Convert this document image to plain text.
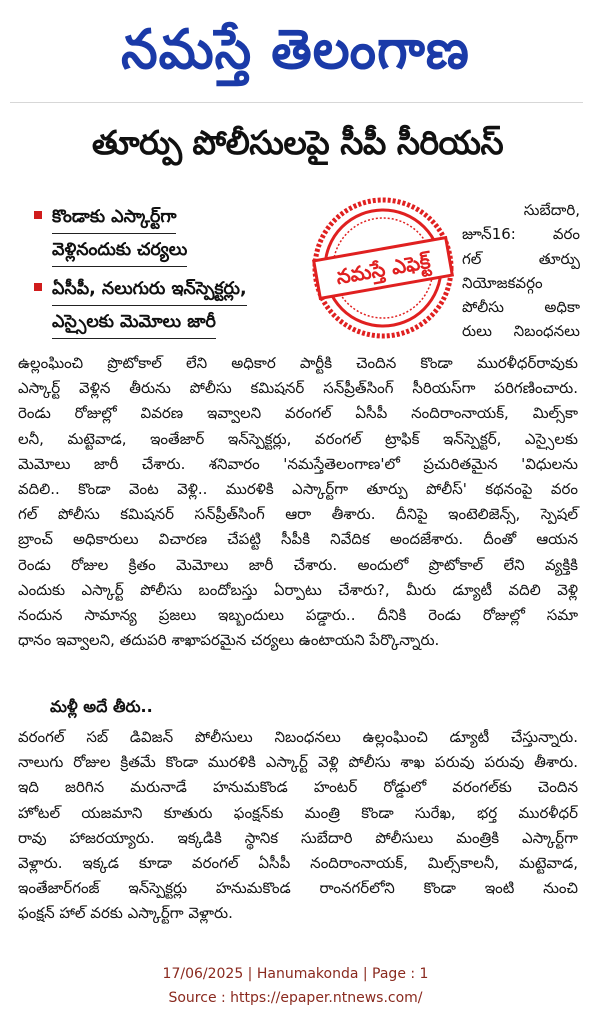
నమస్తే తెలంగాణ
తూర్పు పోలీసులపై సీపీ సీరియస్
కొండాకు ఎస్కార్ట్‌గా
వెళ్లినందుకు చర్యలు
ఏసీపీ, నలుగురు ఇన్‌స్పెక్టర్లు,
ఎస్సైలకు మెమోలు జారీ
నమస్తే ఎఫెక్ట్
సుబేదారి,
జూన్16: వరం
గల్ తూర్పు
నియోజకవర్గం
పోలీసు అధికా
రులు నిబంధనలు
ఉల్లంఘించి ప్రొటోకాల్ లేని అధికార పార్టీకి చెందిన కొండా మురళీధర్‌రావుకు
ఎస్కార్ట్ వెళ్లిన తీరును పోలీసు కమిషనర్ సన్‌ప్రీత్‌సింగ్ సీరియస్‌గా పరిగణించారు.
రెండు రోజుల్లో వివరణ ఇవ్వాలని వరంగల్ ఏసీపీ నందిరాంనాయక్, మిల్స్‌కా
లనీ, మట్టెవాడ, ఇంతేజార్ ఇన్‌స్పెక్టర్లు, వరంగల్ ట్రాఫిక్ ఇన్‌స్పెక్టర్, ఎస్సైలకు
మెమోలు జారీ చేశారు. శనివారం 'నమస్తేతెలంగాణ'లో ప్రచురితమైన 'విధులను
వదిలి.. కొండా వెంట వెళ్లి.. మురళికి ఎస్కార్ట్‌గా తూర్పు పోలీస్' కథనంపై వరం
గల్ పోలీసు కమిషనర్ సన్‌ప్రీత్‌సింగ్ ఆరా తీశారు. దీనిపై ఇంటెలిజెన్స్, స్పెషల్
బ్రాంచ్ అధికారులు విచారణ చేపట్టి సీపీకి నివేదిక అందజేశారు. దీంతో ఆయన
రెండు రోజుల క్రితం మెమోలు జారీ చేశారు. అందులో ప్రొటోకాల్ లేని వ్యక్తికి
ఎందుకు ఎస్కార్ట్ పోలీసు బందోబస్తు ఏర్పాటు చేశారు?, మీరు డ్యూటీ వదిలి వెళ్లి
నందున సామాన్య ప్రజలు ఇబ్బందులు పడ్డారు.. దీనికి రెండు రోజుల్లో సమా
ధానం ఇవ్వాలని, తదుపరి శాఖాపరమైన చర్యలు ఉంటాయని పేర్కొన్నారు.
మళ్లీ అదే తీరు..
వరంగల్ సబ్ డివిజన్ పోలీసులు నిబంధనలు ఉల్లంఘించి డ్యూటీ చేస్తున్నారు.
నాలుగు రోజుల క్రితమే కొండా మురళికి ఎస్కార్ట్ వెళ్లి పోలీసు శాఖ పరువు పరువు తీశారు.
ఇది జరిగిన మరునాడే హనుమకొండ హంటర్ రోడ్డులో వరంగల్‌కు చెందిన
హోటల్ యజమాని కూతురు ఫంక్షన్‌కు మంత్రి కొండా సురేఖ, భర్త మురళీధర్
రావు హాజరయ్యారు. ఇక్కడికి స్థానిక సుబేదారి పోలీసులు మంత్రికి ఎస్కార్ట్‌గా
వెళ్లారు. ఇక్కడ కూడా వరంగల్ ఏసీపీ నందిరాంనాయక్, మిల్స్‌కాలనీ, మట్టెవాడ,
ఇంతేజార్‌గంజ్ ఇన్‌స్పెక్టర్లు హనుమకొండ రాంనగర్‌లోని కొండా ఇంటి నుంచి
ఫంక్షన్ హాల్ వరకు ఎస్కార్ట్‌గా వెళ్లారు.
17/06/2025 | Hanumakonda | Page : 1
Source : https://epaper.ntnews.com/
